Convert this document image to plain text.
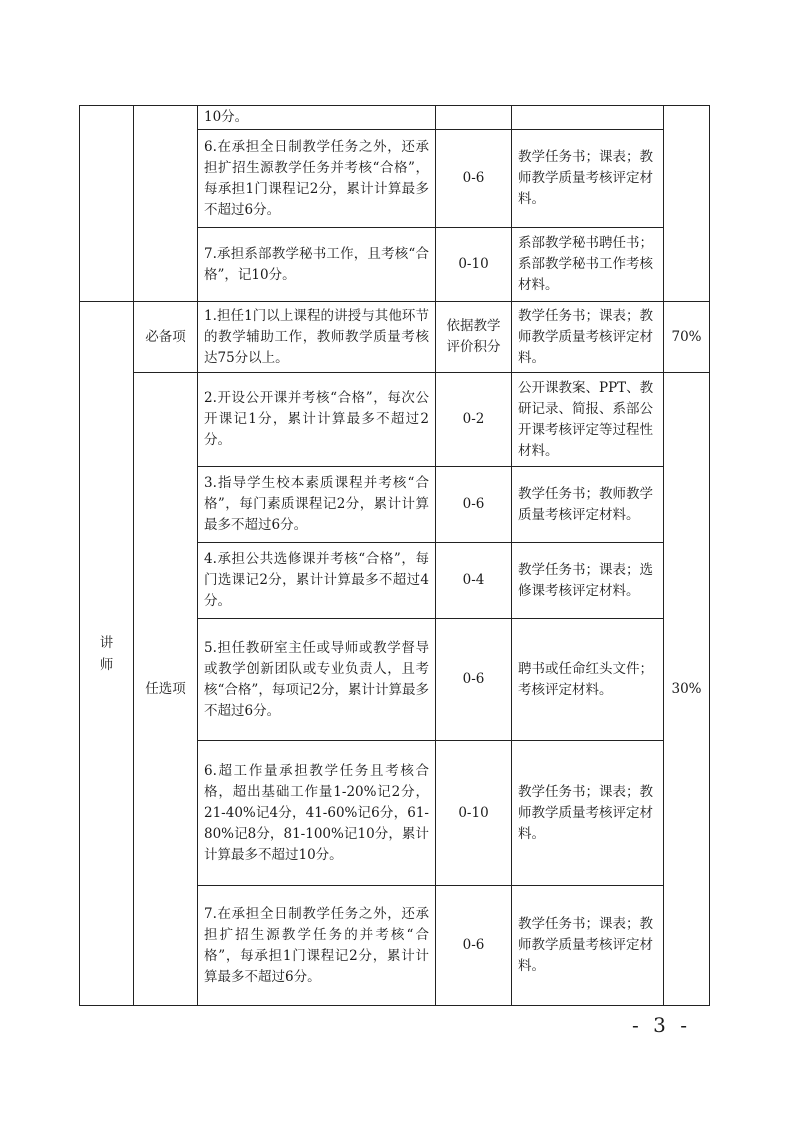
		10分。			
		6.在承担全日制教学任务之外，还承担扩招生源教学任务并考核“合格”，每承担1门课程记2分，累计计算最多不超过6分。	0-6	教学任务书；课表；教师教学质量考核评定材料。	
		7.承担系部教学秘书工作，且考核“合格”，记10分。	0-10	系部教学秘书聘任书；系部教学秘书工作考核材料。	
讲师	必备项	1.担任1门以上课程的讲授与其他环节的教学辅助工作，教师教学质量考核达75分以上。	依据教学评价积分	教学任务书；课表；教师教学质量考核评定材料。	70%
	任选项	2.开设公开课并考核“合格”，每次公开课记1分，累计计算最多不超过2分。	0-2	公开课教案、PPT、教研记录、简报、系部公开课考核评定等过程性材料。	30%
		3.指导学生校本素质课程并考核“合格”，每门素质课程记2分，累计计算最多不超过6分。	0-6	教学任务书；教师教学质量考核评定材料。	
		4.承担公共选修课并考核“合格”，每门选课记2分，累计计算最多不超过4分。	0-4	教学任务书；课表；选修课考核评定材料。	
		5.担任教研室主任或导师或教学督导或教学创新团队或专业负责人，且考核“合格”，每项记2分，累计计算最多不超过6分。	0-6	聘书或任命红头文件；考核评定材料。	
		6.超工作量承担教学任务且考核合格，超出基础工作量1-20%记2分，21-40%记4分，41-60%记6分，61-80%记8分，81-100%记10分，累计计算最多不超过10分。	0-10	教学任务书；课表；教师教学质量考核评定材料。	
		7.在承担全日制教学任务之外，还承担扩招生源教学任务的并考核“合格”，每承担1门课程记2分，累计计算最多不超过6分。	0-6	教学任务书；课表；教师教学质量考核评定材料。	
- 3 -
